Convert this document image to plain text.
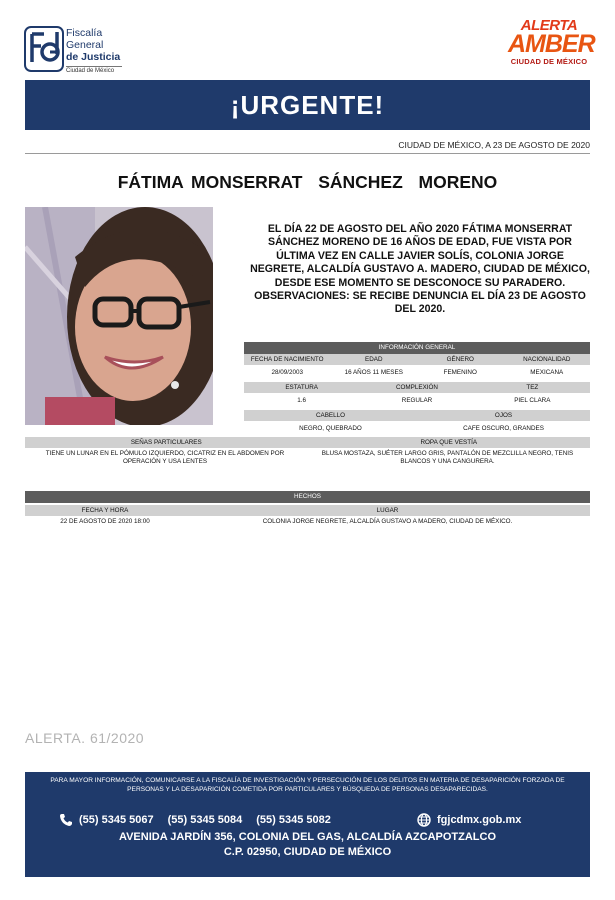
Fiscalía
General
de Justicia
Ciudad de México
ALERTA
AMBER
CIUDAD DE MÉXICO
¡URGENTE!
CIUDAD DE MÉXICO, A 23 DE AGOSTO DE 2020
FÁTIMA MONSERRAT  SÁNCHEZ  MORENO
EL DÍA 22 DE AGOSTO DEL AÑO 2020 FÁTIMA MONSERRAT SÁNCHEZ MORENO DE 16 AÑOS DE EDAD, FUE VISTA POR ÚLTIMA VEZ EN CALLE JAVIER SOLÍS, COLONIA JORGE NEGRETE, ALCALDÍA GUSTAVO A. MADERO, CIUDAD DE MÉXICO, DESDE ESE MOMENTO SE DESCONOCE SU PARADERO.
OBSERVACIONES: SE RECIBE DENUNCIA EL DÍA 23 DE AGOSTO DEL 2020.
INFORMACIÓN GENERAL
FECHA DE NACIMIENTO	EDAD	GÉNERO	NACIONALIDAD
28/09/2003	16 AÑOS 11 MESES	FEMENINO	MEXICANA
ESTATURA	COMPLEXIÓN	TEZ
1.6	REGULAR	PIEL CLARA
CABELLO	OJOS
NEGRO, QUEBRADO	CAFE OSCURO, GRANDES
SEÑAS PARTICULARES	ROPA QUE VESTÍA
TIENE UN LUNAR EN EL PÓMULO IZQUIERDO, CICATRIZ EN EL ABDOMEN POR OPERACIÓN Y USA LENTES
BLUSA MOSTAZA, SUÉTER LARGO GRIS, PANTALÓN DE MEZCLILLA NEGRO, TENIS BLANCOS Y UNA CANGURERA.
HECHOS
FECHA Y HORA	LUGAR
22 DE AGOSTO DE 2020 18:00	COLONIA JORGE NEGRETE, ALCALDÍA GUSTAVO A MADERO, CIUDAD DE MÉXICO.
ALERTA. 61/2020
PARA MAYOR INFORMACIÓN, COMUNICARSE A LA FISCALÍA DE INVESTIGACIÓN Y PERSECUCIÓN DE LOS DELITOS EN MATERIA DE DESAPARICIÓN FORZADA DE PERSONAS Y LA DESAPARICIÓN COMETIDA POR PARTICULARES Y BÚSQUEDA DE PERSONAS DESAPARECIDAS.
(55) 5345 5067 (55) 5345 5084 (55) 5345 5082	fgjcdmx.gob.mx
AVENIDA JARDÍN 356, COLONIA DEL GAS, ALCALDÍA AZCAPOTZALCO
C.P. 02950, CIUDAD DE MÉXICO
